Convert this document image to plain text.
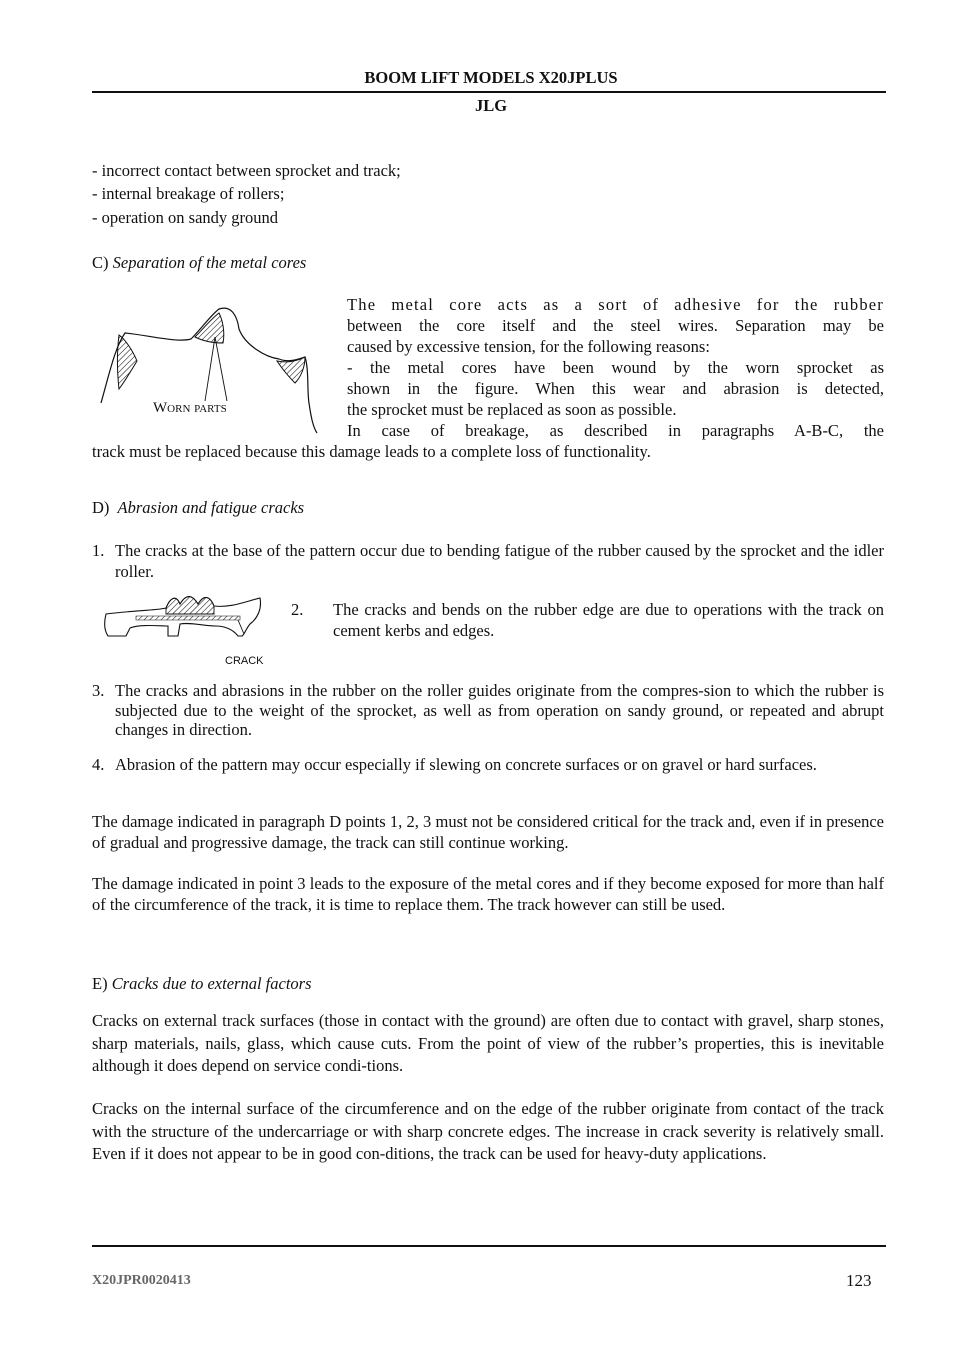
BOOM LIFT MODELS X20JPLUS
JLG
- incorrect contact between sprocket and track;
- internal breakage of rollers;
- operation on sandy ground
C) Separation of the metal cores
Worn parts
The metal core acts as a sort of adhesive for the rubber
between the core itself and the steel wires. Separation may be
caused by excessive tension, for the following reasons:
- the metal cores have been wound by the worn sprocket as
shown in the figure. When this wear and abrasion is detected,
the sprocket must be replaced as soon as possible.
In case of breakage, as described in paragraphs A-B-C, the
track must be replaced because this damage leads to a complete loss of functionality.
D) Abrasion and fatigue cracks
1. The cracks at the base of the pattern occur due to bending fatigue of the rubber caused by the sprocket and the idler roller.
CRACK
2. The cracks and bends on the rubber edge are due to operations with the track on cement kerbs and edges.
3. The cracks and abrasions in the rubber on the roller guides originate from the compres-sion to which the rubber is subjected due to the weight of the sprocket, as well as from operation on sandy ground, or repeated and abrupt changes in direction.
4. Abrasion of the pattern may occur especially if slewing on concrete surfaces or on gravel or hard surfaces.
The damage indicated in paragraph D points 1, 2, 3 must not be considered critical for the track and, even if in presence of gradual and progressive damage, the track can still continue working.
The damage indicated in point 3 leads to the exposure of the metal cores and if they become exposed for more than half of the circumference of the track, it is time to replace them. The track however can still be used.
E) Cracks due to external factors
Cracks on external track surfaces (those in contact with the ground) are often due to contact with gravel, sharp stones, sharp materials, nails, glass, which cause cuts. From the point of view of the rubber’s properties, this is inevitable although it does depend on service condi-tions.
Cracks on the internal surface of the circumference and on the edge of the rubber originate from contact of the track with the structure of the undercarriage or with sharp concrete edges. The increase in crack severity is relatively small. Even if it does not appear to be in good con-ditions, the track can be used for heavy-duty applications.
X20JPR0020413	123
